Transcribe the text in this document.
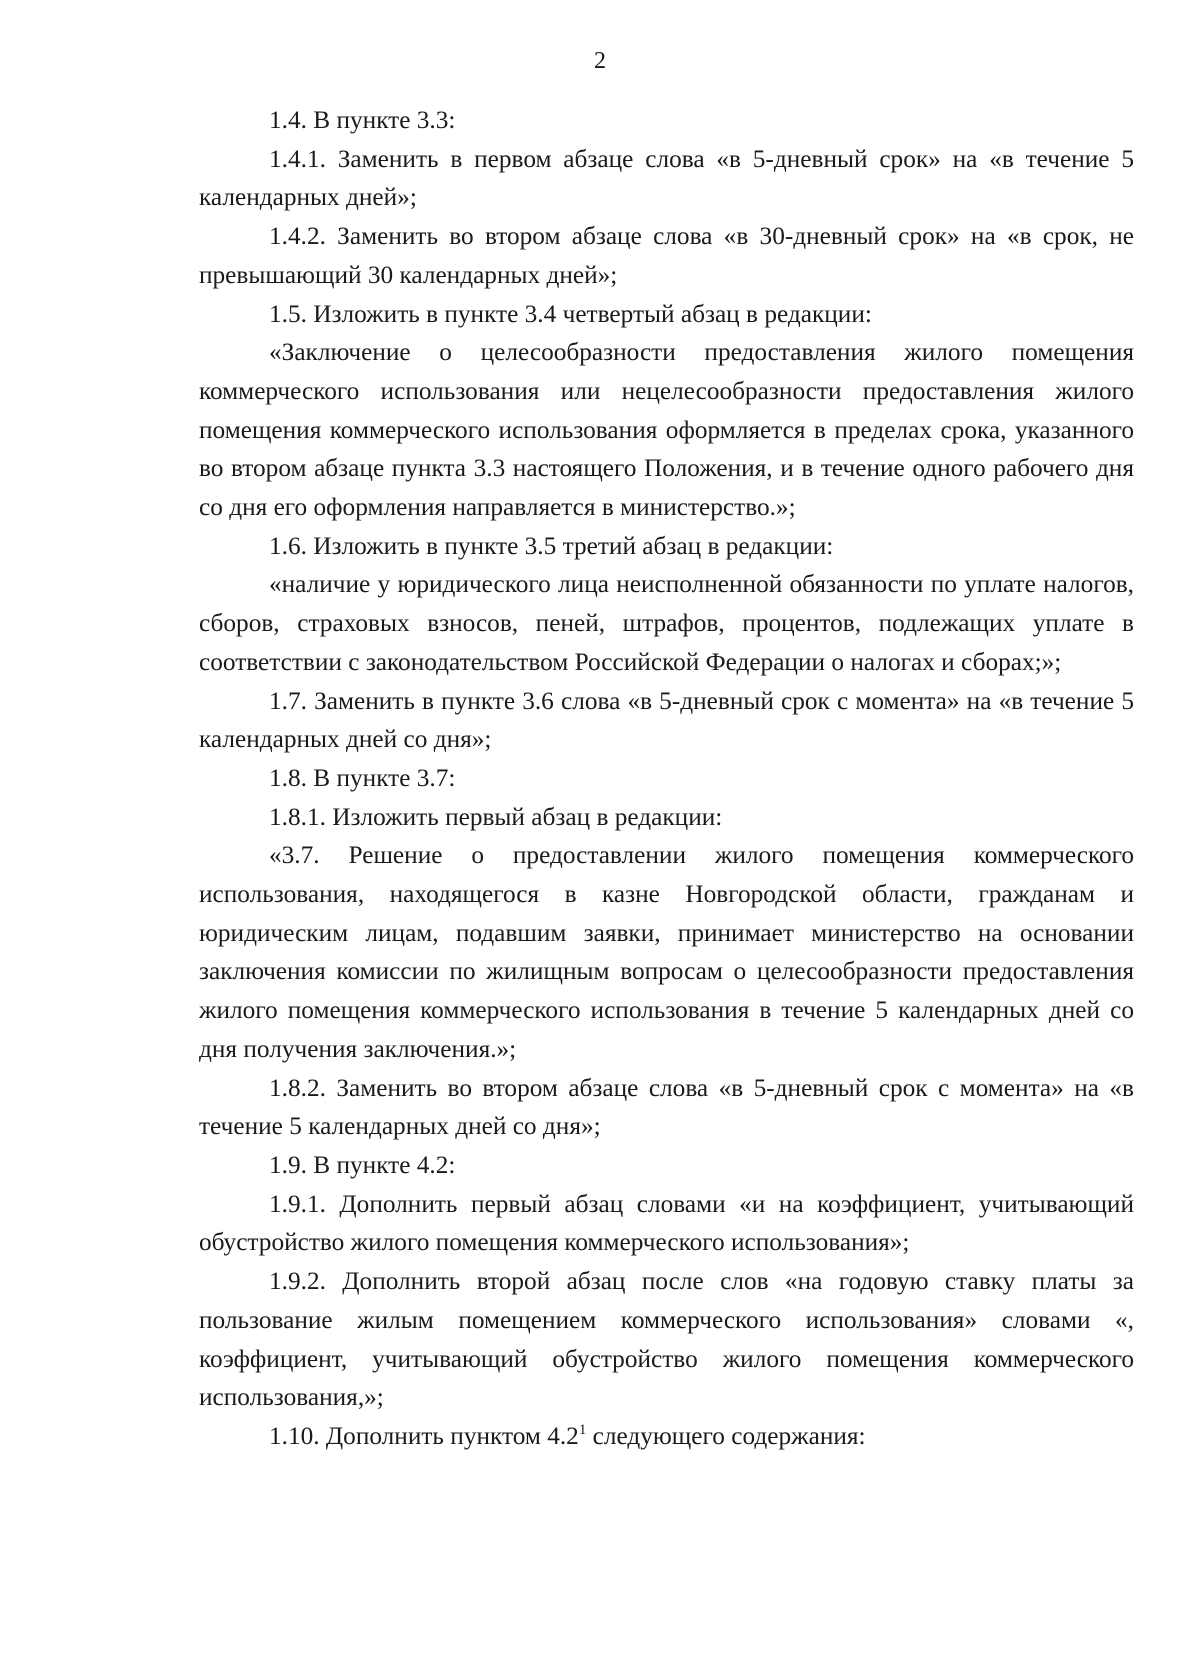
2

1.4. В пункте 3.3:

1.4.1. Заменить в первом абзаце слова «в 5-дневный срок» на «в течение 5 календарных дней»;

1.4.2. Заменить во втором абзаце слова «в 30-дневный срок» на «в срок, не превышающий 30 календарных дней»;

1.5. Изложить в пункте 3.4 четвертый абзац в редакции:

«Заключение о целесообразности предоставления жилого помещения коммерческого использования или нецелесообразности предоставления жилого помещения коммерческого использования оформляется в пределах срока, указанного во втором абзаце пункта 3.3 настоящего Положения, и в течение одного рабочего дня со дня его оформления направляется в министерство.»;

1.6. Изложить в пункте 3.5 третий абзац в редакции:

«наличие у юридического лица неисполненной обязанности по уплате налогов, сборов, страховых взносов, пеней, штрафов, процентов, подлежащих уплате в соответствии с законодательством Российской Федерации о налогах и сборах;»;

1.7. Заменить в пункте 3.6 слова «в 5-дневный срок с момента» на «в течение 5 календарных дней со дня»;

1.8. В пункте 3.7:

1.8.1. Изложить первый абзац в редакции:

«3.7. Решение о предоставлении жилого помещения коммерческого использования, находящегося в казне Новгородской области, гражданам и юридическим лицам, подавшим заявки, принимает министерство на основании заключения комиссии по жилищным вопросам о целесообразности предоставления жилого помещения коммерческого использования в течение 5 календарных дней со дня получения заключения.»;

1.8.2. Заменить во втором абзаце слова «в 5-дневный срок с момента» на «в течение 5 календарных дней со дня»;

1.9. В пункте 4.2:

1.9.1. Дополнить первый абзац словами «и на коэффициент, учитывающий обустройство жилого помещения коммерческого использования»;

1.9.2. Дополнить второй абзац после слов «на годовую ставку платы за пользование жилым помещением коммерческого использования» словами «, коэффициент, учитывающий обустройство жилого помещения коммерческого использования,»;

1.10. Дополнить пунктом $4.2^1$ следующего содержания:
